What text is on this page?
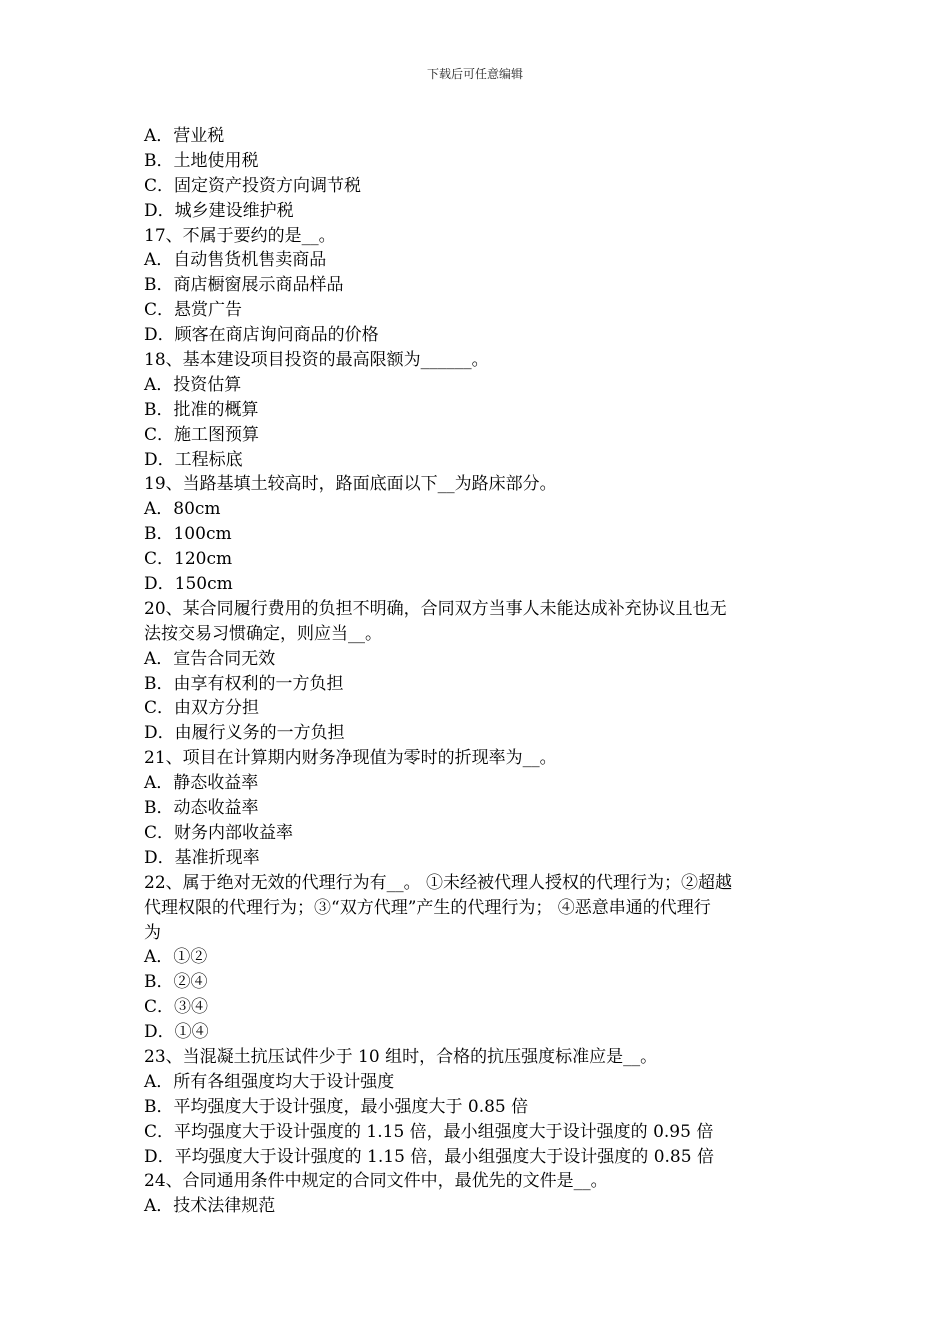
下载后可任意编辑
A．营业税
B．土地使用税
C．固定资产投资方向调节税
D．城乡建设维护税
17、不属于要约的是__。
A．自动售货机售卖商品
B．商店橱窗展示商品样品
C．悬赏广告
D．顾客在商店询问商品的价格
18、基本建设项目投资的最高限额为______。
A．投资估算
B．批准的概算
C．施工图预算
D．工程标底
19、当路基填土较高时，路面底面以下__为路床部分。
A．80cm
B．100cm
C．120cm
D．150cm
20、某合同履行费用的负担不明确，合同双方当事人未能达成补充协议且也无
法按交易习惯确定，则应当__。
A．宣告合同无效
B．由享有权利的一方负担
C．由双方分担
D．由履行义务的一方负担
21、项目在计算期内财务净现值为零时的折现率为__。
A．静态收益率
B．动态收益率
C．财务内部收益率
D．基准折现率
22、属于绝对无效的代理行为有__。 ①未经被代理人授权的代理行为；②超越
代理权限的代理行为；③“双方代理”产生的代理行为； ④恶意串通的代理行
为
A．①②
B．②④
C．③④
D．①④
23、当混凝土抗压试件少于 10 组时，合格的抗压强度标准应是__。
A．所有各组强度均大于设计强度
B．平均强度大于设计强度，最小强度大于 0.85 倍
C．平均强度大于设计强度的 1.15 倍，最小组强度大于设计强度的 0.95 倍
D．平均强度大于设计强度的 1.15 倍，最小组强度大于设计强度的 0.85 倍
24、合同通用条件中规定的合同文件中，最优先的文件是__。
A．技术法律规范
